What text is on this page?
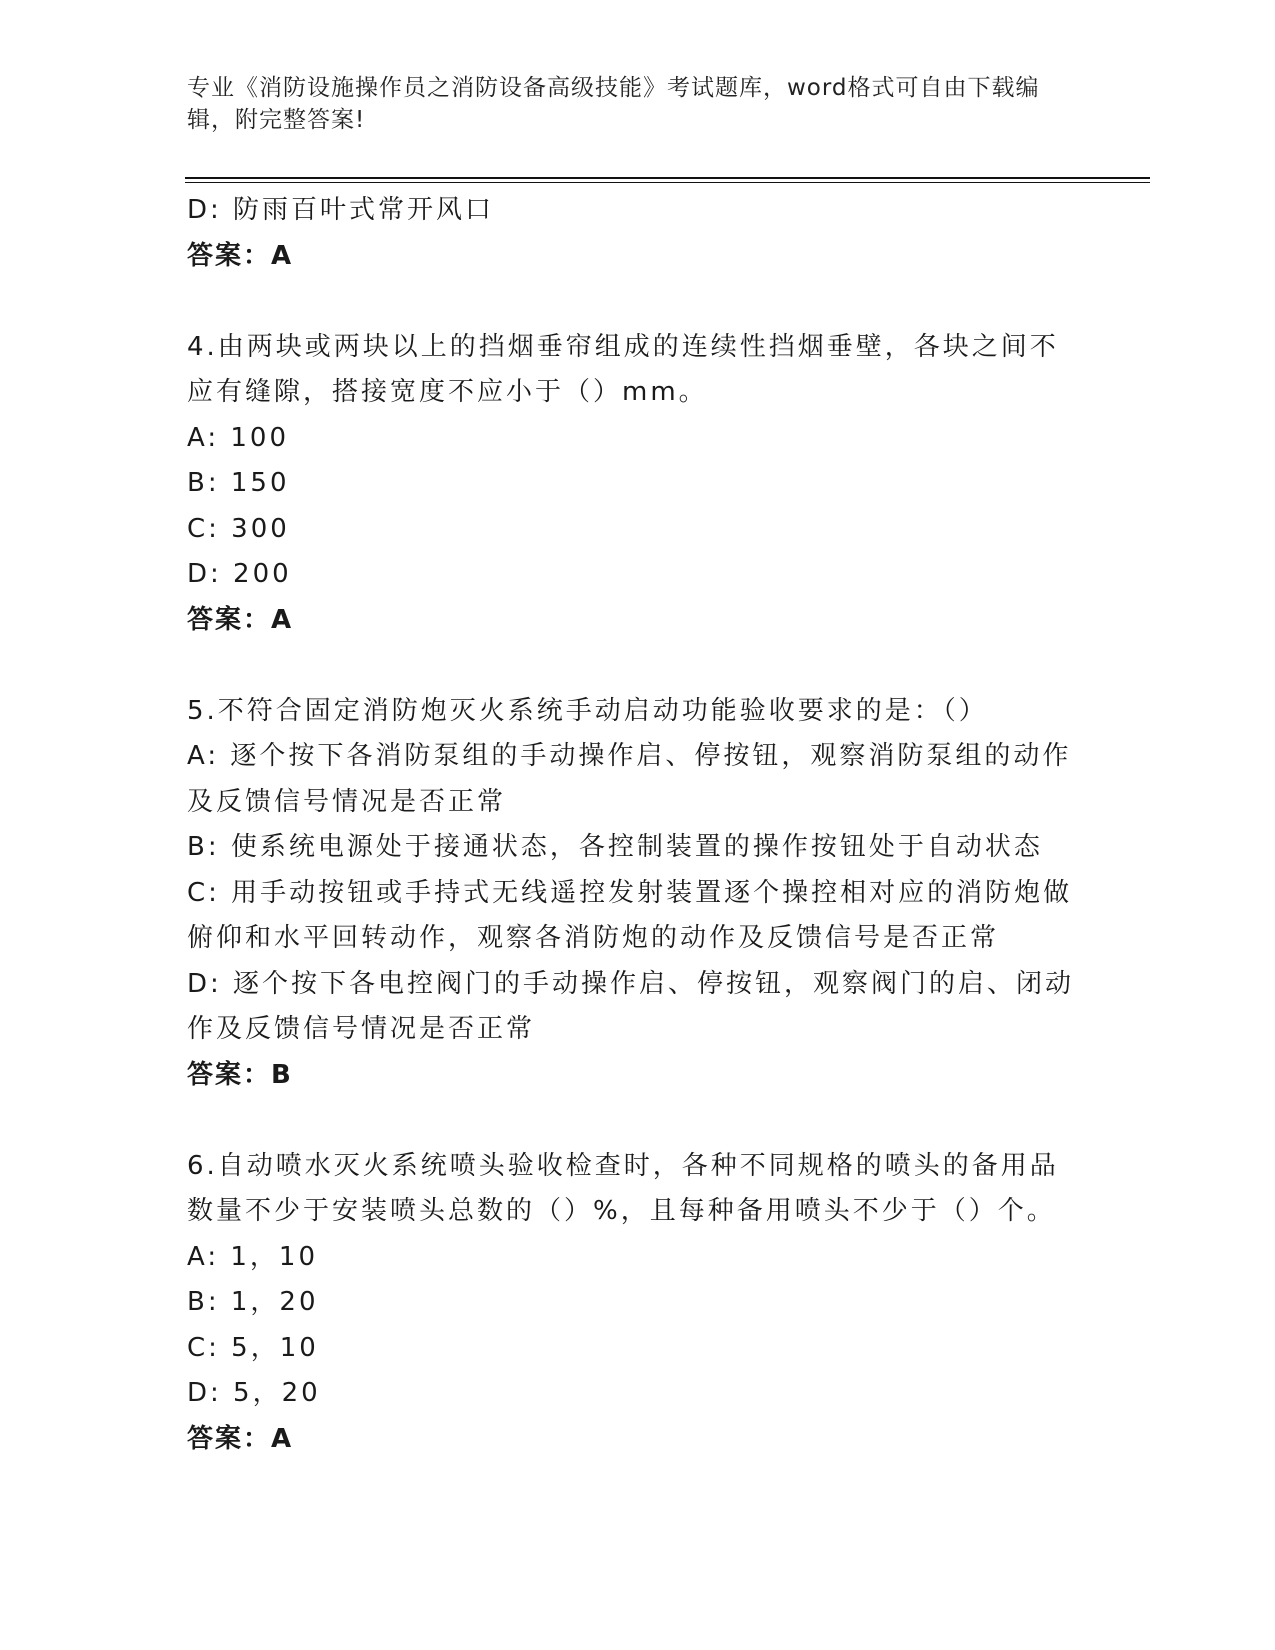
专业《消防设施操作员之消防设备高级技能》考试题库，word格式可自由下载编
辑，附完整答案!
D: 防雨百叶式常开风口
答案：A
4.由两块或两块以上的挡烟垂帘组成的连续性挡烟垂壁，各块之间不
应有缝隙，搭接宽度不应小于（）mm。
A: 100
B: 150
C: 300
D: 200
答案：A
5.不符合固定消防炮灭火系统手动启动功能验收要求的是：（）
A: 逐个按下各消防泵组的手动操作启、停按钮，观察消防泵组的动作
及反馈信号情况是否正常
B: 使系统电源处于接通状态，各控制装置的操作按钮处于自动状态
C: 用手动按钮或手持式无线遥控发射装置逐个操控相对应的消防炮做
俯仰和水平回转动作，观察各消防炮的动作及反馈信号是否正常
D: 逐个按下各电控阀门的手动操作启、停按钮，观察阀门的启、闭动
作及反馈信号情况是否正常
答案：B
6.自动喷水灭火系统喷头验收检查时，各种不同规格的喷头的备用品
数量不少于安装喷头总数的（）%，且每种备用喷头不少于（）个。
A: 1，10
B: 1，20
C: 5，10
D: 5，20
答案：A
